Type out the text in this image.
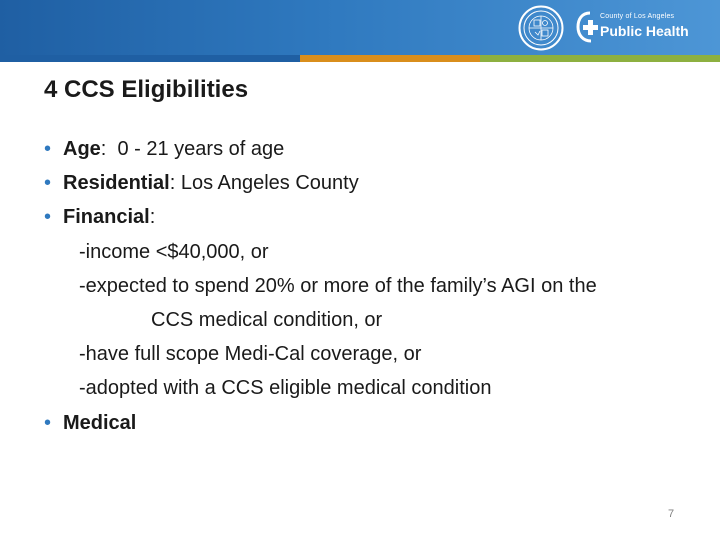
County of Los Angeles
Public Health
4 CCS Eligibilities
• Age:  0 - 21 years of age
• Residential: Los Angeles County
• Financial:
-income <$40,000, or
-expected to spend 20% or more of the family’s AGI on the
CCS medical condition, or
-have full scope Medi-Cal coverage, or
-adopted with a CCS eligible medical condition
• Medical
7
